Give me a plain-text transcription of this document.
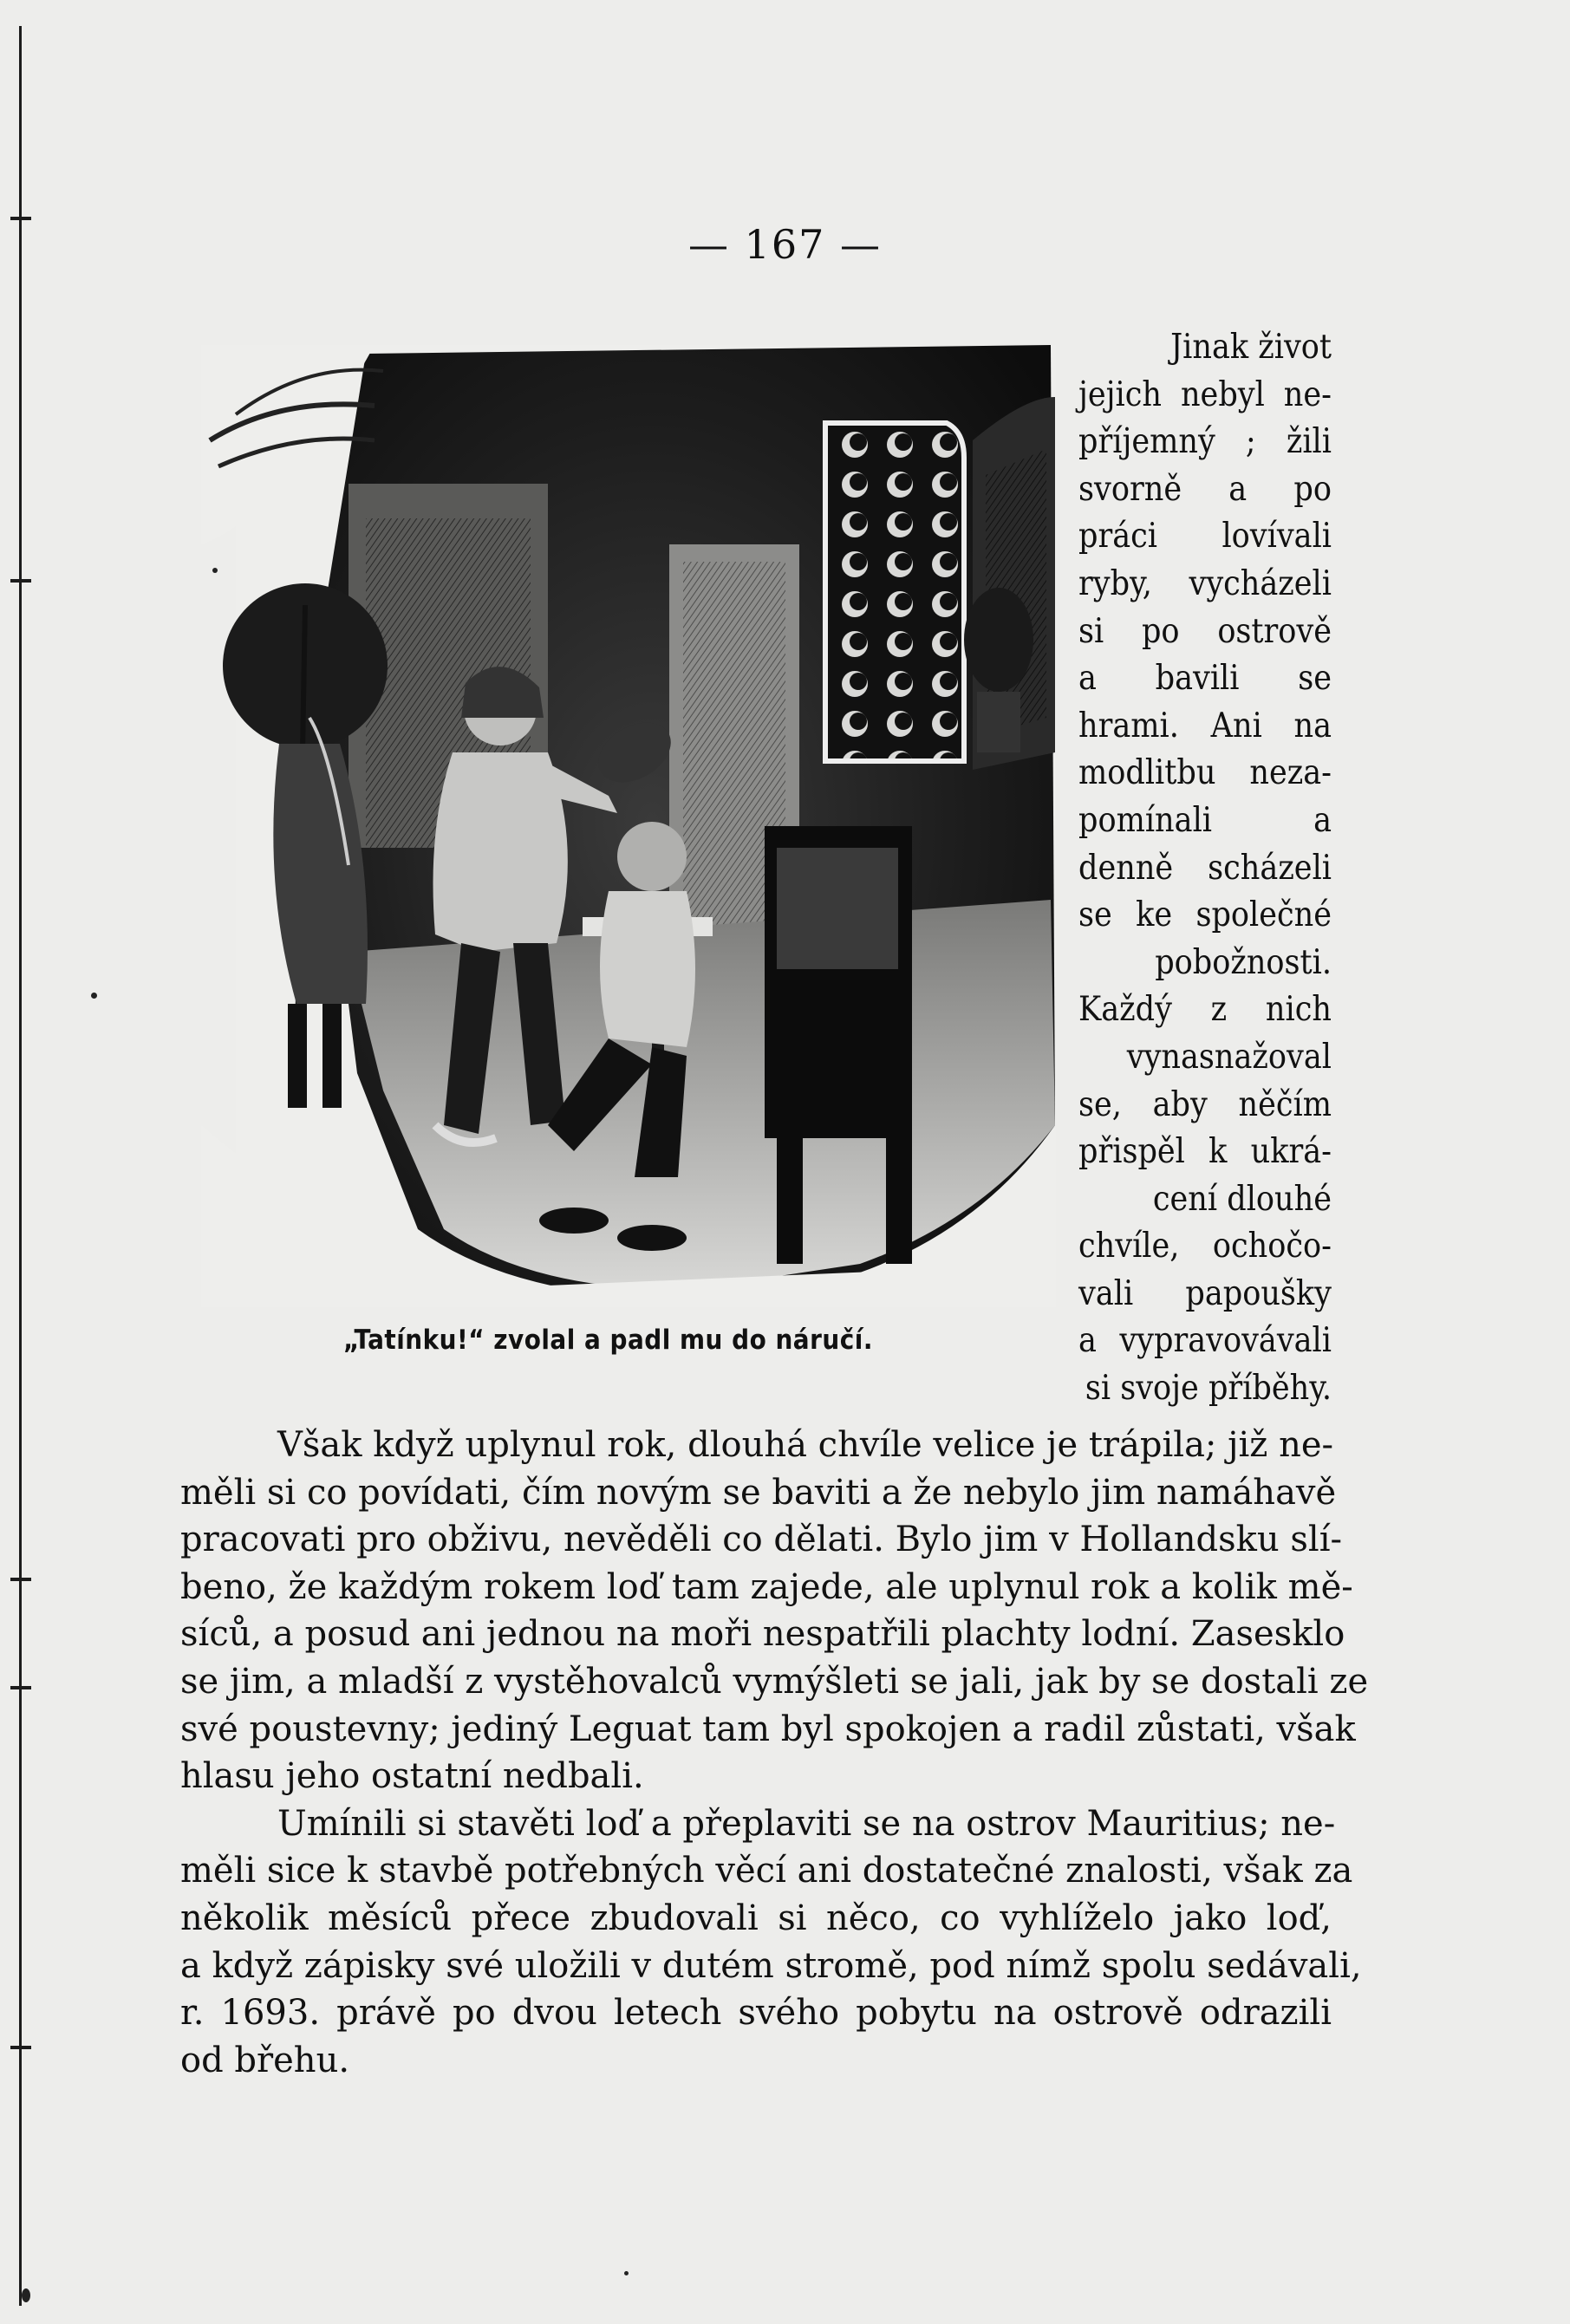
— 167 —
„Tatínku!“ zvolal a padl mu do náručí.
Jinak život
jejich nebyl ne-
příjemný ; žili
svorně a po
práci lovívali
ryby, vycházeli
si po ostrově
a bavili se
hrami. Ani na
modlitbu neza-
pomínali a
denně scházeli
se ke společné
pobožnosti.
Každý z nich
vynasnažoval
se, aby něčím
přispěl k ukrá-
cení dlouhé
chvíle, ochočo-
vali papoušky
a vypravovávali
si svoje příběhy.
Však když uplynul rok, dlouhá chvíle velice je trápila; již ne-
měli si co povídati, čím novým se baviti a že nebylo jim namáhavě
pracovati pro obživu, nevěděli co dělati. Bylo jim v Hollandsku slí-
beno, že každým rokem loď tam zajede, ale uplynul rok a kolik mě-
síců, a posud ani jednou na moři nespatřili plachty lodní. Zasesklo
se jim, a mladší z vystěhovalců vymýšleti se jali, jak by se dostali ze
své poustevny; jediný Leguat tam byl spokojen a radil zůstati, však
hlasu jeho ostatní nedbali.
Umínili si stavěti loď a přeplaviti se na ostrov Mauritius; ne-
měli sice k stavbě potřebných věcí ani dostatečné znalosti, však za
několik měsíců přece zbudovali si něco, co vyhlíželo jako loď,
a když zápisky své uložili v dutém stromě, pod nímž spolu sedávali,
r. 1693. právě po dvou letech svého pobytu na ostrově odrazili
od břehu.
